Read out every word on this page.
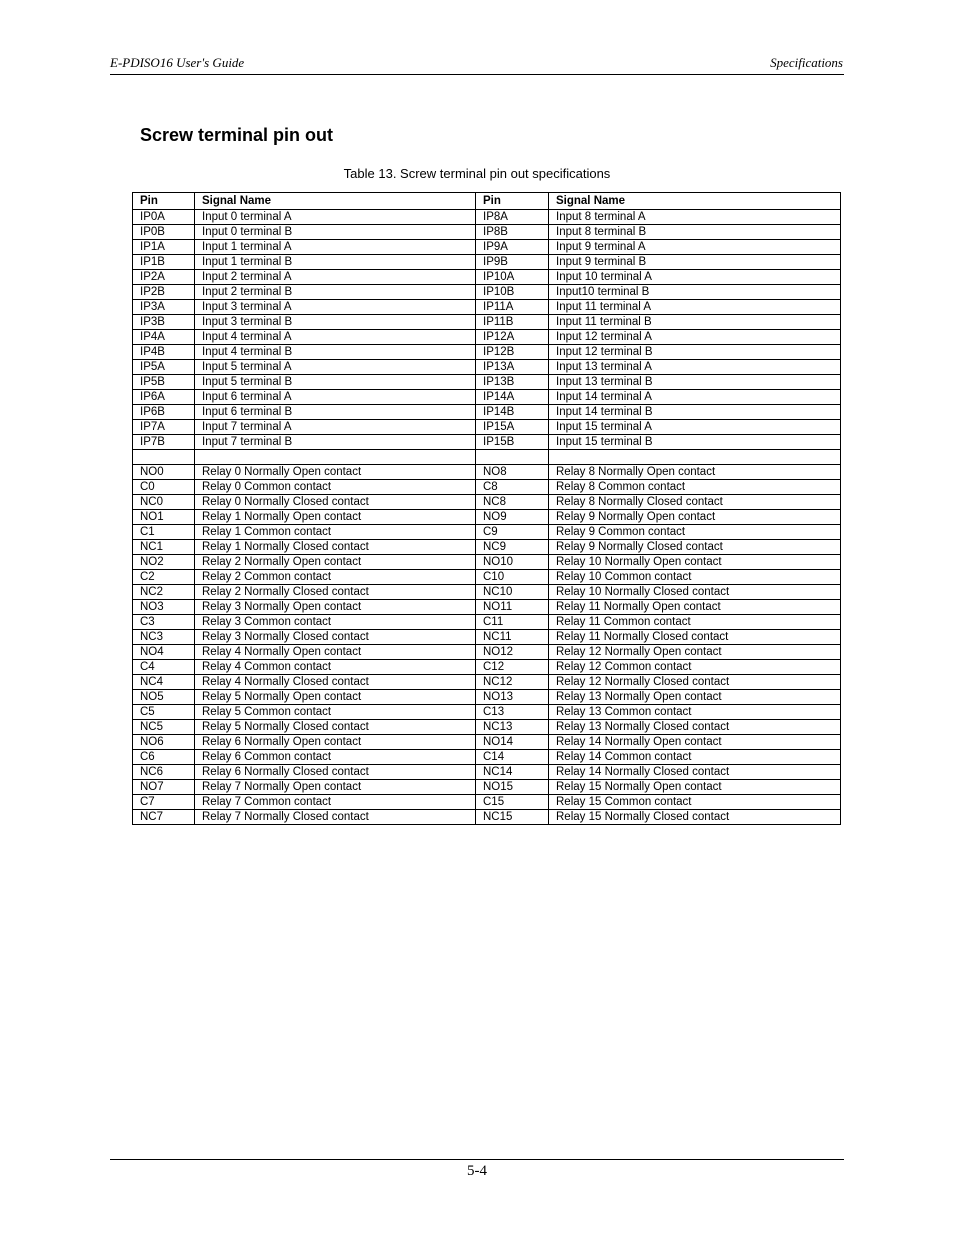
E-PDISO16 User's Guide	Specifications
Screw terminal pin out
Table 13. Screw terminal pin out specifications
Pin	Signal Name	Pin	Signal Name
IP0A	Input 0 terminal A	IP8A	Input 8 terminal A
IP0B	Input 0 terminal B	IP8B	Input 8 terminal B
IP1A	Input 1 terminal A	IP9A	Input 9 terminal A
IP1B	Input 1 terminal B	IP9B	Input 9 terminal B
IP2A	Input 2 terminal A	IP10A	Input 10 terminal A
IP2B	Input 2 terminal B	IP10B	Input10 terminal B
IP3A	Input 3 terminal A	IP11A	Input 11 terminal A
IP3B	Input 3 terminal B	IP11B	Input 11 terminal B
IP4A	Input 4 terminal A	IP12A	Input 12 terminal A
IP4B	Input 4 terminal B	IP12B	Input 12 terminal B
IP5A	Input 5 terminal A	IP13A	Input 13 terminal A
IP5B	Input 5 terminal B	IP13B	Input 13 terminal B
IP6A	Input 6 terminal A	IP14A	Input 14 terminal A
IP6B	Input 6 terminal B	IP14B	Input 14 terminal B
IP7A	Input 7 terminal A	IP15A	Input 15 terminal A
IP7B	Input 7 terminal B	IP15B	Input 15 terminal B

NO0	Relay 0 Normally Open contact	NO8	Relay 8 Normally Open contact
C0	Relay 0 Common contact	C8	Relay 8 Common contact
NC0	Relay 0 Normally Closed contact	NC8	Relay 8 Normally Closed contact
NO1	Relay 1 Normally Open contact	NO9	Relay 9 Normally Open contact
C1	Relay 1 Common contact	C9	Relay 9 Common contact
NC1	Relay 1 Normally Closed contact	NC9	Relay 9 Normally Closed contact
NO2	Relay 2 Normally Open contact	NO10	Relay 10 Normally Open contact
C2	Relay 2 Common contact	C10	Relay 10 Common contact
NC2	Relay 2 Normally Closed contact	NC10	Relay 10 Normally Closed contact
NO3	Relay 3 Normally Open contact	NO11	Relay 11 Normally Open contact
C3	Relay 3 Common contact	C11	Relay 11 Common contact
NC3	Relay 3 Normally Closed contact	NC11	Relay 11 Normally Closed contact
NO4	Relay 4 Normally Open contact	NO12	Relay 12 Normally Open contact
C4	Relay 4 Common contact	C12	Relay 12 Common contact
NC4	Relay 4 Normally Closed contact	NC12	Relay 12 Normally Closed contact
NO5	Relay 5 Normally Open contact	NO13	Relay 13 Normally Open contact
C5	Relay 5 Common contact	C13	Relay 13 Common contact
NC5	Relay 5 Normally Closed contact	NC13	Relay 13 Normally Closed contact
NO6	Relay 6 Normally Open contact	NO14	Relay 14 Normally Open contact
C6	Relay 6 Common contact	C14	Relay 14 Common contact
NC6	Relay 6 Normally Closed contact	NC14	Relay 14 Normally Closed contact
NO7	Relay 7 Normally Open contact	NO15	Relay 15 Normally Open contact
C7	Relay 7 Common contact	C15	Relay 15 Common contact
NC7	Relay 7 Normally Closed contact	NC15	Relay 15 Normally Closed contact
5-4
